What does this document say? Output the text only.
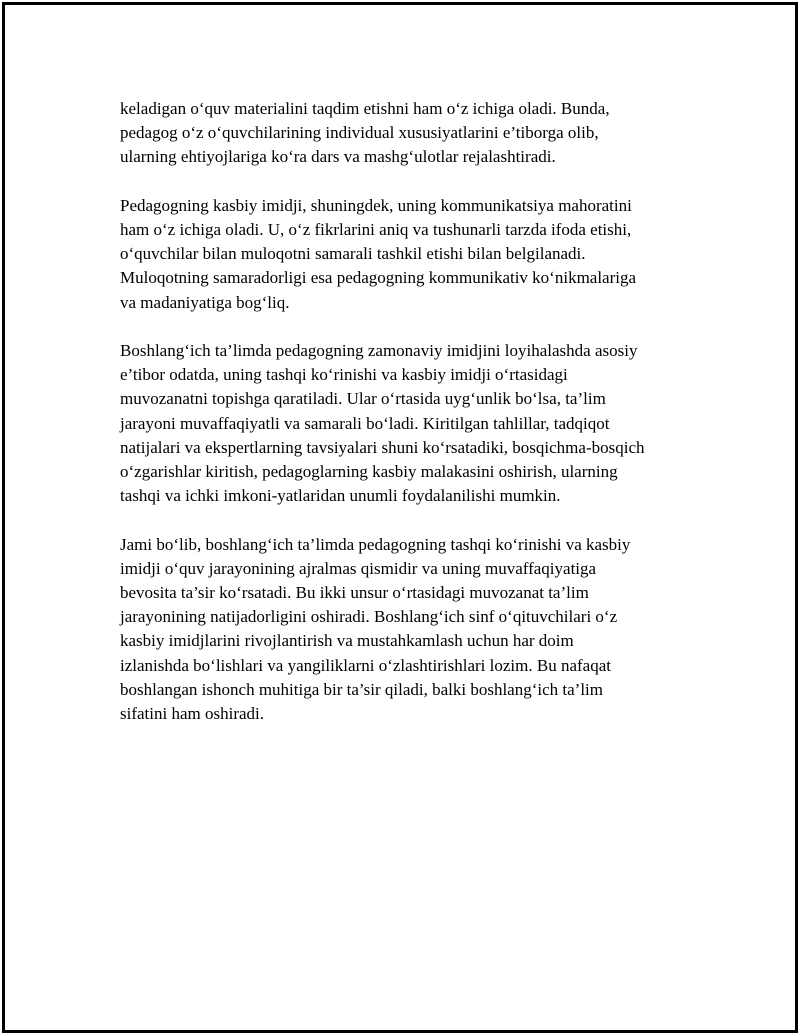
keladigan o‘quv materialini taqdim etishni ham o‘z ichiga oladi. Bunda,
pedagog o‘z o‘quvchilarining individual xususiyatlarini e’tiborga olib,
ularning ehtiyojlariga ko‘ra dars va mashg‘ulotlar rejalashtiradi.

Pedagogning kasbiy imidji, shuningdek, uning kommunikatsiya mahoratini
ham o‘z ichiga oladi. U, o‘z fikrlarini aniq va tushunarli tarzda ifoda etishi,
o‘quvchilar bilan muloqotni samarali tashkil etishi bilan belgilanadi.
Muloqotning samaradorligi esa pedagogning kommunikativ ko‘nikmalariga
va madaniyatiga bog‘liq.

Boshlang‘ich ta’limda pedagogning zamonaviy imidjini loyihalashda asosiy
e’tibor odatda, uning tashqi ko‘rinishi va kasbiy imidji o‘rtasidagi
muvozanatni topishga qaratiladi. Ular o‘rtasida uyg‘unlik bo‘lsa, ta’lim
jarayoni muvaffaqiyatli va samarali bo‘ladi. Kiritilgan tahlillar, tadqiqot
natijalari va ekspertlarning tavsiyalari shuni ko‘rsatadiki, bosqichma-bosqich
o‘zgarishlar kiritish, pedagoglarning kasbiy malakasini oshirish, ularning
tashqi va ichki imkoni-yatlaridan unumli foydalanilishi mumkin.

Jami bo‘lib, boshlang‘ich ta’limda pedagogning tashqi ko‘rinishi va kasbiy
imidji o‘quv jarayonining ajralmas qismidir va uning muvaffaqiyatiga
bevosita ta’sir ko‘rsatadi. Bu ikki unsur o‘rtasidagi muvozanat ta’lim
jarayonining natijadorligini oshiradi. Boshlang‘ich sinf o‘qituvchilari o‘z
kasbiy imidjlarini rivojlantirish va mustahkamlash uchun har doim
izlanishda bo‘lishlari va yangiliklarni o‘zlashtirishlari lozim. Bu nafaqat
boshlangan ishonch muhitiga bir ta’sir qiladi, balki boshlang‘ich ta’lim
sifatini ham oshiradi.
